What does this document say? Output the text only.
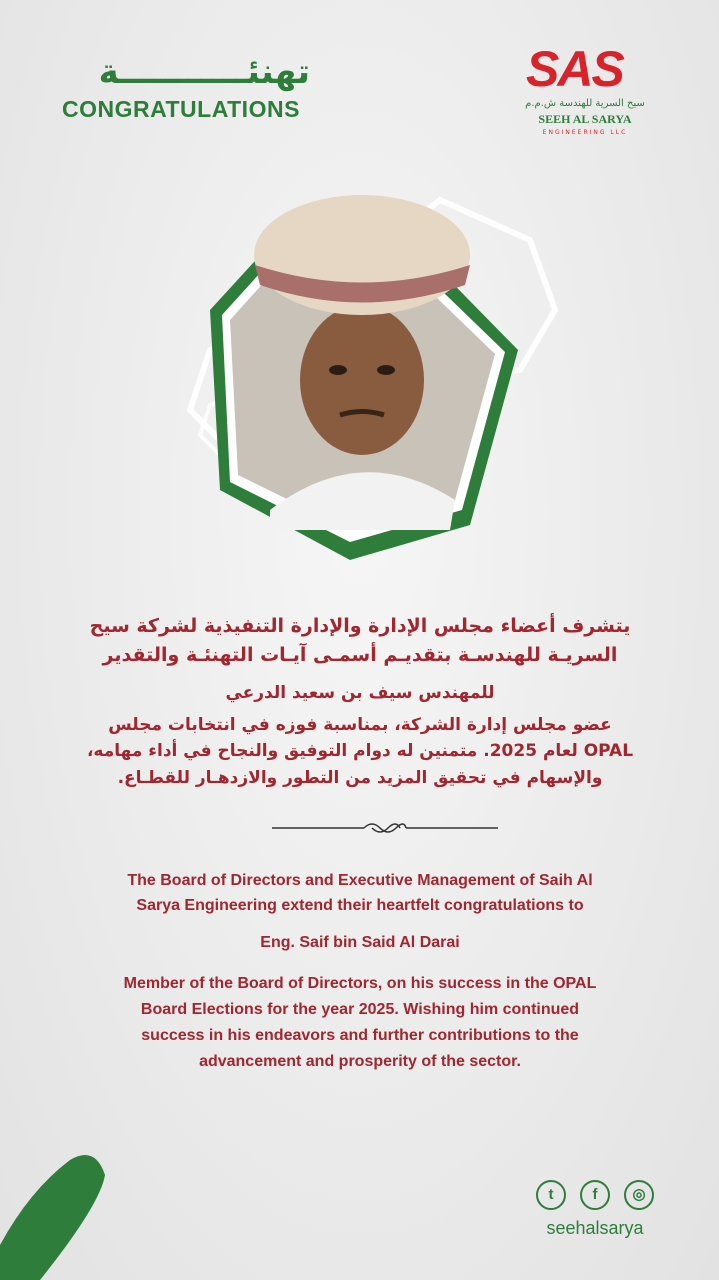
تهنئـــــــــــة
CONGRATULATIONS
SAS
سيح السرية للهندسة ش.م.م
SEEH AL SARYA
ENGINEERING LLC
يتشرف أعضاء مجلس الإدارة والإدارة التنفيذية لشركة سيح السريـة للهندسـة بتقديـم أسمـى آيـات التهنئـة والتقدير
للمهندس سيف بن سعيد الدرعي
عضو مجلس إدارة الشركة، بمناسبة فوزه في انتخابات مجلس
OPAL لعام 2025. متمنين له دوام التوفيق والنجاح في أداء مهامه،
والإسهام في تحقيق المزيد من التطور والازدهـار للقطـاع.
The Board of Directors and Executive Management of Saih Al
Sarya Engineering extend their heartfelt congratulations to
Eng. Saif bin Said Al Darai
Member of the Board of Directors, on his success in the OPAL
Board Elections for the year 2025. Wishing him continued
success in his endeavors and further contributions to the
advancement and prosperity of the sector.
t	f	◎
seehalsarya
